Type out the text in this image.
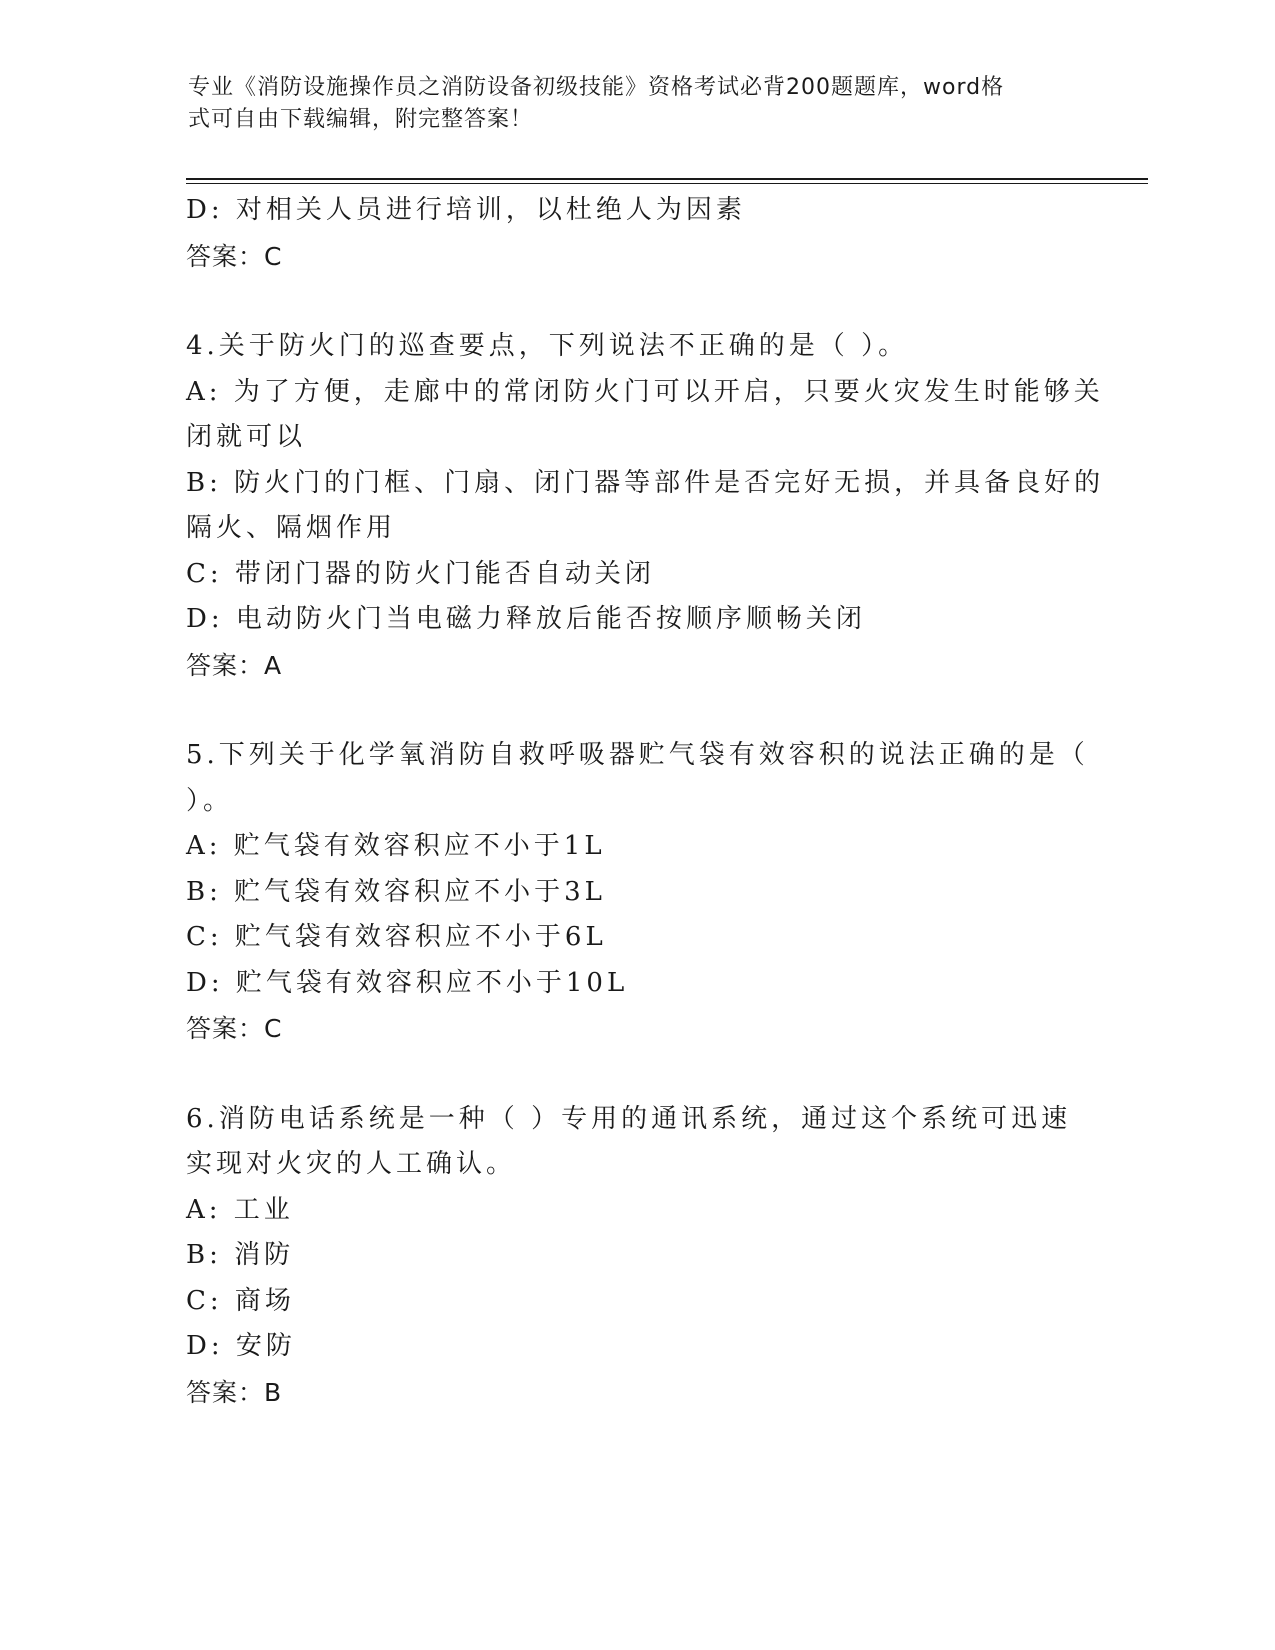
专业《消防设施操作员之消防设备初级技能》资格考试必背200题题库，word格
式可自由下载编辑，附完整答案！
D: 对相关人员进行培训，以杜绝人为因素
答案：C
4.关于防火门的巡查要点，下列说法不正确的是（ ）。
A: 为了方便，走廊中的常闭防火门可以开启，只要火灾发生时能够关
闭就可以
B: 防火门的门框、门扇、闭门器等部件是否完好无损，并具备良好的
隔火、隔烟作用
C: 带闭门器的防火门能否自动关闭
D: 电动防火门当电磁力释放后能否按顺序顺畅关闭
答案：A
5.下列关于化学氧消防自救呼吸器贮气袋有效容积的说法正确的是（
）。
A: 贮气袋有效容积应不小于1L
B: 贮气袋有效容积应不小于3L
C: 贮气袋有效容积应不小于6L
D: 贮气袋有效容积应不小于10L
答案：C
6.消防电话系统是一种（ ）专用的通讯系统，通过这个系统可迅速
实现对火灾的人工确认。
A: 工业
B: 消防
C: 商场
D: 安防
答案：B
